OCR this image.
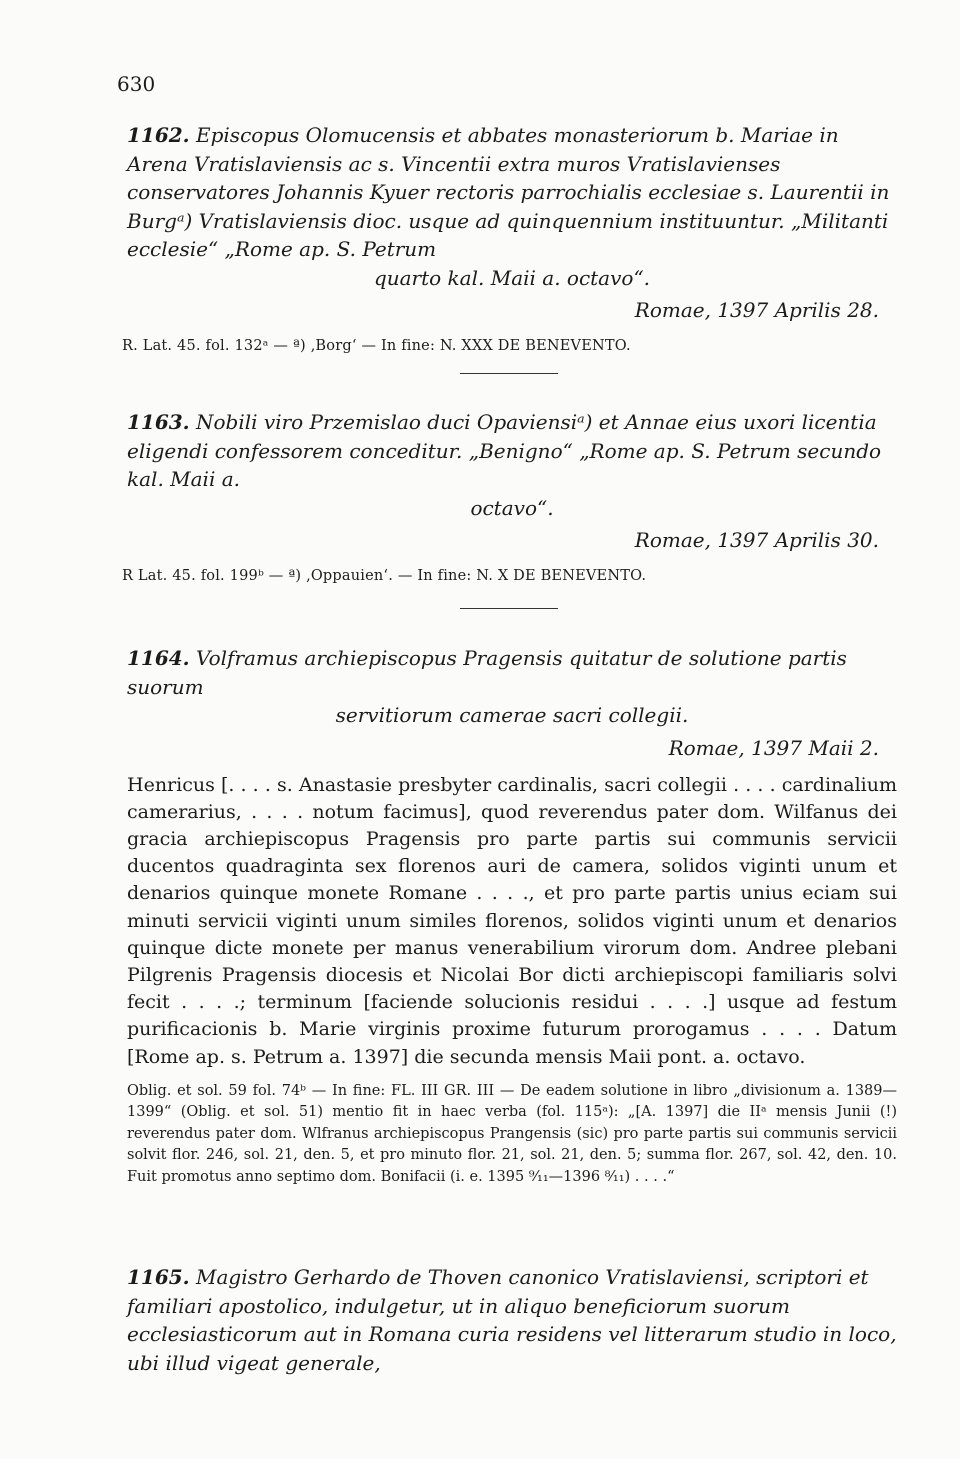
630

1162. Episcopus Olomucensis et abbates monasteriorum b. Mariae in Arena Vratislaviensis ac s. Vincentii extra muros Vratislavienses conservatores Johannis Kyuer rectoris parrochialis ecclesiae s. Laurentii in Burgᵃ) Vratislaviensis dioc. usque ad quinquennium instituuntur. „Militanti ecclesie“ „Rome ap. S. Petrum
quarto kal. Maii a. octavo“.

Romae, 1397 Aprilis 28.
R. Lat. 45. fol. 132ᵃ — ª) ‚Borg‘ — In fine: N. XXX DE BENEVENTO.

1163. Nobili viro Przemislao duci Opaviensiᵃ) et Annae eius uxori licentia eligendi confessorem conceditur. „Benigno“ „Rome ap. S. Petrum secundo kal. Maii a.
octavo“.

Romae, 1397 Aprilis 30.
R Lat. 45. fol. 199ᵇ — ª) ‚Oppauien‘. — In fine: N. X DE BENEVENTO.

1164. Volframus archiepiscopus Pragensis quitatur de solutione partis suorum
servitiorum camerae sacri collegii.

Romae, 1397 Maii 2.

Henricus [. . . . s. Anastasie presbyter cardinalis, sacri collegii . . . . cardinalium camerarius, . . . . notum facimus], quod reverendus pater dom. Wilfanus dei gracia archiepiscopus Pragensis pro parte partis sui communis servicii ducentos quadraginta sex florenos auri de camera, solidos viginti unum et denarios quinque monete Romane . . . ., et pro parte partis unius eciam sui minuti servicii viginti unum similes florenos, solidos viginti unum et denarios quinque dicte monete per manus venerabilium virorum dom. Andree plebani Pilgrenis Pragensis diocesis et Nicolai Bor dicti archiepiscopi familiaris solvi fecit . . . .; terminum [faciende solucionis residui . . . .] usque ad festum purificacionis b. Marie virginis proxime futurum prorogamus . . . . Datum [Rome ap. s. Petrum a. 1397] die secunda mensis Maii pont. a. octavo.

Oblig. et sol. 59 fol. 74ᵇ — In fine: FL. III GR. III — De eadem solutione in libro „divisionum a. 1389—1399“ (Oblig. et sol. 51) mentio fit in haec verba (fol. 115ᵃ): „[A. 1397] die IIᵃ mensis Junii (!) reverendus pater dom. Wlfranus archiepiscopus Prangensis (sic) pro parte partis sui communis servicii solvit flor. 246, sol. 21, den. 5, et pro minuto flor. 21, sol. 21, den. 5; summa flor. 267, sol. 42, den. 10. Fuit promotus anno septimo dom. Bonifacii (i. e. 1395 ⁹⁄₁₁—1396 ⁸⁄₁₁) . . . .“

1165. Magistro Gerhardo de Thoven canonico Vratislaviensi, scriptori et familiari apostolico, indulgetur, ut in aliquo beneficiorum suorum ecclesiasticorum aut in Romana curia residens vel litterarum studio in loco, ubi illud vigeat generale,
